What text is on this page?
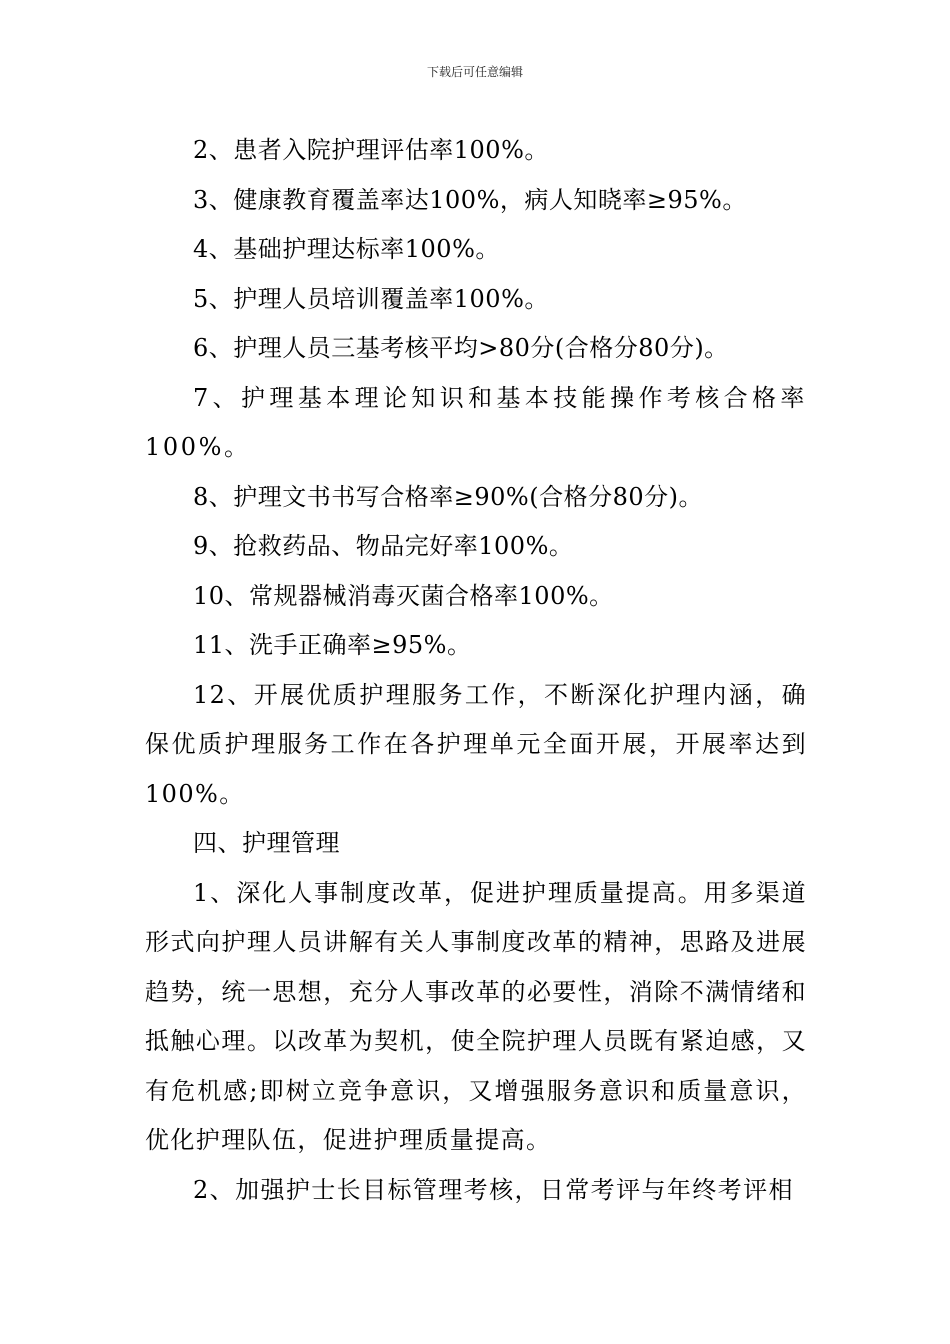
下载后可任意编辑

2、患者入院护理评估率100%。

3、健康教育覆盖率达100%，病人知晓率≥95%。

4、基础护理达标率100%。

5、护理人员培训覆盖率100%。

6、护理人员三基考核平均>80分(合格分80分)。

7、护理基本理论知识和基本技能操作考核合格率100%。

8、护理文书书写合格率≥90%(合格分80分)。

9、抢救药品、物品完好率100%。

10、常规器械消毒灭菌合格率100%。

11、洗手正确率≥95%。

12、开展优质护理服务工作，不断深化护理内涵，确保优质护理服务工作在各护理单元全面开展，开展率达到100%。

四、护理管理

1、深化人事制度改革，促进护理质量提高。用多渠道形式向护理人员讲解有关人事制度改革的精神，思路及进展趋势，统一思想，充分人事改革的必要性，消除不满情绪和抵触心理。以改革为契机，使全院护理人员既有紧迫感，又有危机感;即树立竞争意识，又增强服务意识和质量意识，优化护理队伍，促进护理质量提高。

2、加强护士长目标管理考核，日常考评与年终考评相
